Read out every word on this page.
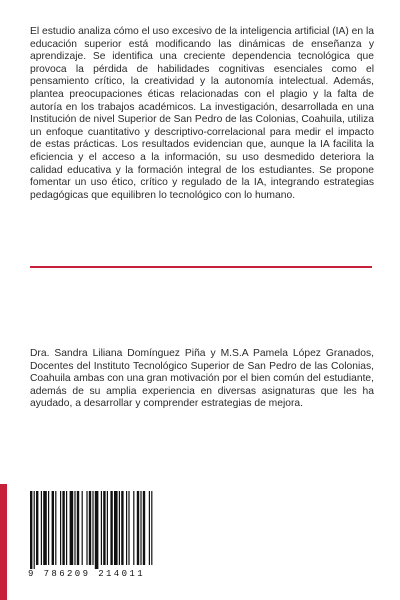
El estudio analiza cómo el uso excesivo de la inteligencia artificial (IA) en la educación superior está modificando las dinámicas de enseñanza y aprendizaje. Se identifica una creciente dependencia tecnológica que provoca la pérdida de habilidades cognitivas esenciales como el pensamiento crítico, la creatividad y la autonomía intelectual. Además, plantea preocupaciones éticas relacionadas con el plagio y la falta de autoría en los trabajos académicos. La investigación, desarrollada en una Institución de nivel Superior de San Pedro de las Colonias, Coahuila, utiliza un enfoque cuantitativo y descriptivo-correlacional para medir el impacto de estas prácticas. Los resultados evidencian que, aunque la IA facilita la eficiencia y el acceso a la información, su uso desmedido deteriora la calidad educativa y la formación integral de los estudiantes. Se propone fomentar un uso ético, crítico y regulado de la IA, integrando estrategias pedagógicas que equilibren lo tecnológico con lo humano.

Dra. Sandra Liliana Domínguez Piña y M.S.A Pamela López Granados, Docentes del Instituto Tecnológico Superior de San Pedro de las Colonias, Coahuila ambas con una gran motivación por el bien común del estudiante, además de su amplia experiencia en diversas asignaturas que les ha ayudado, a desarrollar y comprender estrategias de mejora.

9 786209 214011
